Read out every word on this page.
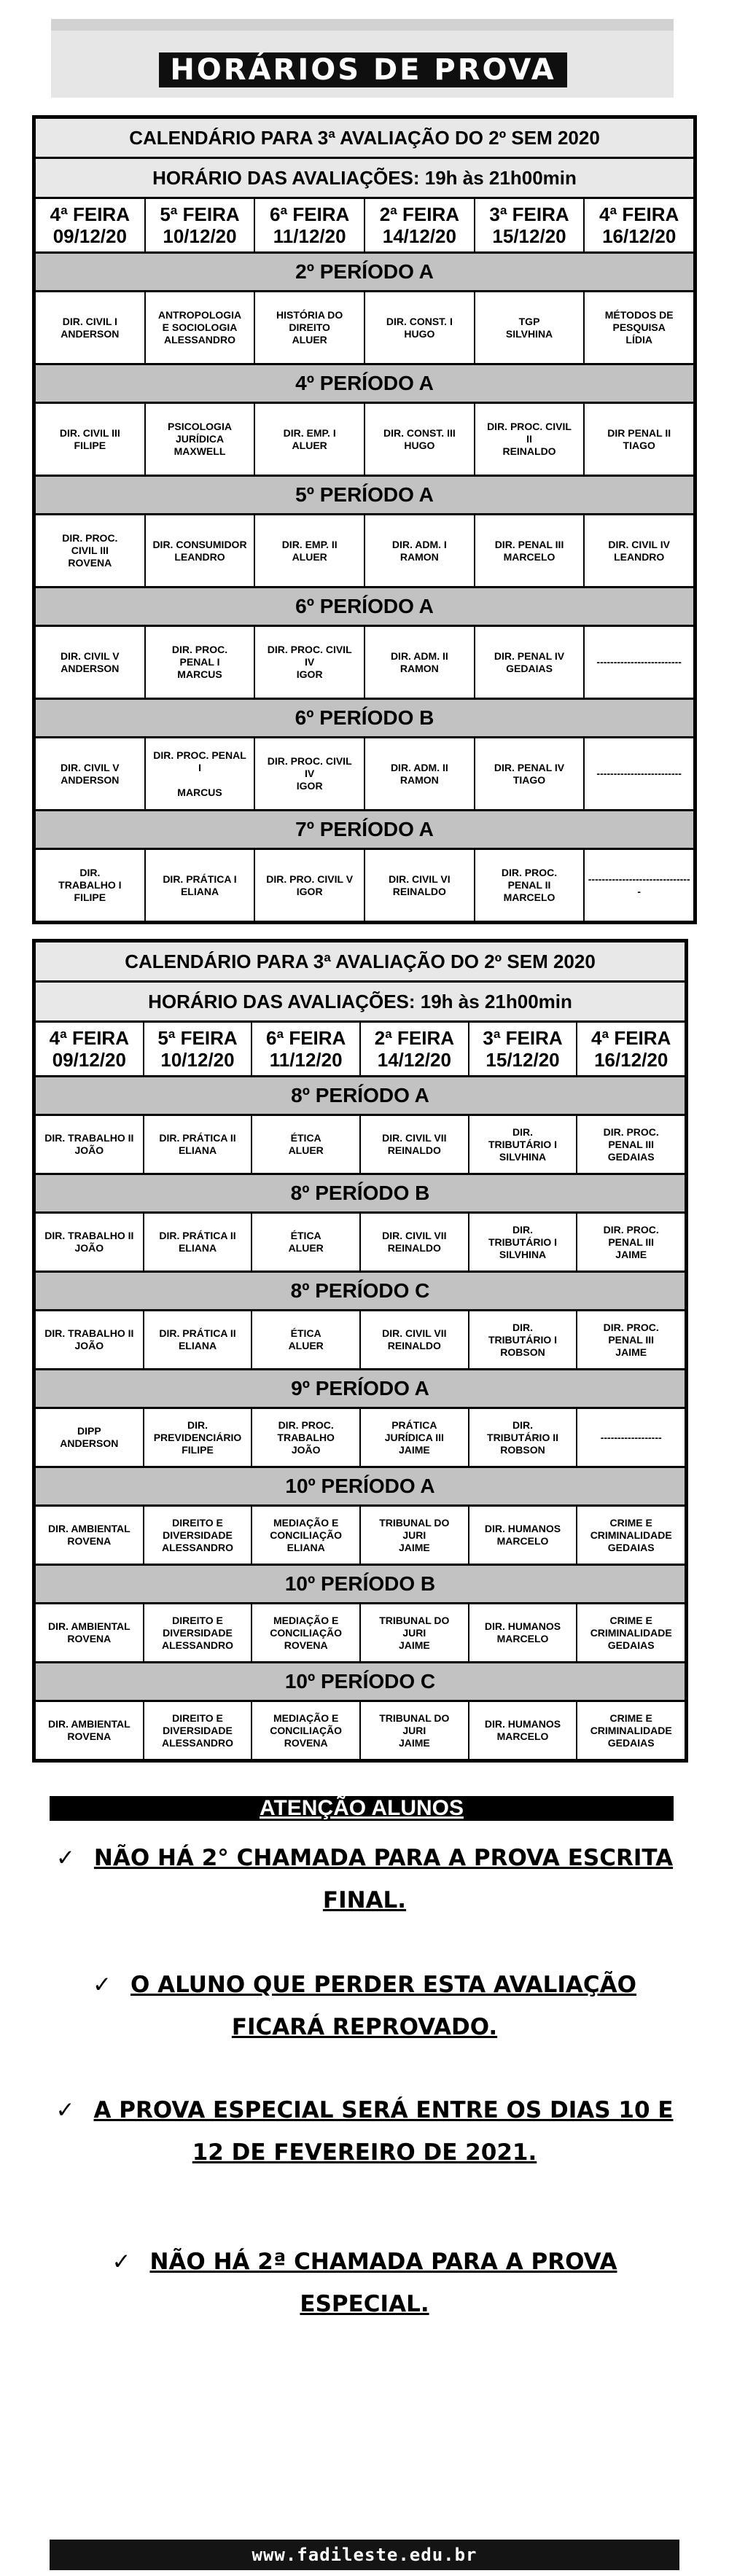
HORÁRIOS DE PROVA
CALENDÁRIO PARA 3ª AVALIAÇÃO DO 2º SEM 2020
HORÁRIO DAS AVALIAÇÕES: 19h às 21h00min
4ª FEIRA
09/12/20
5ª FEIRA
10/12/20
6ª FEIRA
11/12/20
2ª FEIRA
14/12/20
3ª FEIRA
15/12/20
4ª FEIRA
16/12/20
2º PERÍODO A
DIR. CIVIL I
ANDERSON
ANTROPOLOGIA
E SOCIOLOGIA
ALESSANDRO
HISTÓRIA DO
DIREITO
ALUER
DIR. CONST. I
HUGO
TGP
SILVHINA
MÉTODOS DE
PESQUISA
LÍDIA
4º PERÍODO A
DIR. CIVIL III
FILIPE
PSICOLOGIA
JURÍDICA
MAXWELL
DIR. EMP. I
ALUER
DIR. CONST. III
HUGO
DIR. PROC. CIVIL
II
REINALDO
DIR PENAL II
TIAGO
5º PERÍODO A
DIR. PROC.
CIVIL III
ROVENA
DIR. CONSUMIDOR
LEANDRO
DIR. EMP. II
ALUER
DIR. ADM. I
RAMON
DIR. PENAL III
MARCELO
DIR. CIVIL IV
LEANDRO
6º PERÍODO A
DIR. CIVIL V
ANDERSON
DIR. PROC.
PENAL I
MARCUS
DIR. PROC. CIVIL
IV
IGOR
DIR. ADM. II
RAMON
DIR. PENAL IV
GEDAIAS
-------------------------
6º PERÍODO B
DIR. CIVIL V
ANDERSON
DIR. PROC. PENAL
I

MARCUS
DIR. PROC. CIVIL
IV
IGOR
DIR. ADM. II
RAMON
DIR. PENAL IV
TIAGO
-------------------------
7º PERÍODO A
DIR.
TRABALHO I
FILIPE
DIR. PRÁTICA I
ELIANA
DIR. PRO. CIVIL V
IGOR
DIR. CIVIL VI
REINALDO
DIR. PROC.
PENAL II
MARCELO
-------------------------------
CALENDÁRIO PARA 3ª AVALIAÇÃO DO 2º SEM 2020
HORÁRIO DAS AVALIAÇÕES: 19h às 21h00min
4ª FEIRA
09/12/20
5ª FEIRA
10/12/20
6ª FEIRA
11/12/20
2ª FEIRA
14/12/20
3ª FEIRA
15/12/20
4ª FEIRA
16/12/20
8º PERÍODO A
DIR. TRABALHO II
JOÃO
DIR. PRÁTICA II
ELIANA
ÉTICA
ALUER
DIR. CIVIL VII
REINALDO
DIR.
TRIBUTÁRIO I
SILVHINA
DIR. PROC.
PENAL III
GEDAIAS
8º PERÍODO B
DIR. TRABALHO II
JOÃO
DIR. PRÁTICA II
ELIANA
ÉTICA
ALUER
DIR. CIVIL VII
REINALDO
DIR.
TRIBUTÁRIO I
SILVHINA
DIR. PROC.
PENAL III
JAIME
8º PERÍODO C
DIR. TRABALHO II
JOÃO
DIR. PRÁTICA II
ELIANA
ÉTICA
ALUER
DIR. CIVIL VII
REINALDO
DIR.
TRIBUTÁRIO I
ROBSON
DIR. PROC.
PENAL III
JAIME
9º PERÍODO A
DIPP
ANDERSON
DIR.
PREVIDENCIÁRIO
FILIPE
DIR. PROC.
TRABALHO
JOÃO
PRÁTICA
JURÍDICA III
JAIME
DIR.
TRIBUTÁRIO II
ROBSON
------------------
10º PERÍODO A
DIR. AMBIENTAL
ROVENA
DIREITO E
DIVERSIDADE
ALESSANDRO
MEDIAÇÃO E
CONCILIAÇÃO
ELIANA
TRIBUNAL DO
JURI
JAIME
DIR. HUMANOS
MARCELO
CRIME E
CRIMINALIDADE
GEDAIAS
10º PERÍODO B
DIR. AMBIENTAL
ROVENA
DIREITO E
DIVERSIDADE
ALESSANDRO
MEDIAÇÃO E
CONCILIAÇÃO
ROVENA
TRIBUNAL DO
JURI
JAIME
DIR. HUMANOS
MARCELO
CRIME E
CRIMINALIDADE
GEDAIAS
10º PERÍODO C
DIR. AMBIENTAL
ROVENA
DIREITO E
DIVERSIDADE
ALESSANDRO
MEDIAÇÃO E
CONCILIAÇÃO
ROVENA
TRIBUNAL DO
JURI
JAIME
DIR. HUMANOS
MARCELO
CRIME E
CRIMINALIDADE
GEDAIAS
ATENÇÃO ALUNOS
✓ NÃO HÁ 2° CHAMADA PARA A PROVA ESCRITA FINAL.
✓ O ALUNO QUE PERDER ESTA AVALIAÇÃO FICARÁ REPROVADO.
✓ A PROVA ESPECIAL SERÁ ENTRE OS DIAS 10 E 12 DE FEVEREIRO DE 2021.
✓ NÃO HÁ 2ª CHAMADA PARA A PROVA ESPECIAL.
www.fadileste.edu.br
